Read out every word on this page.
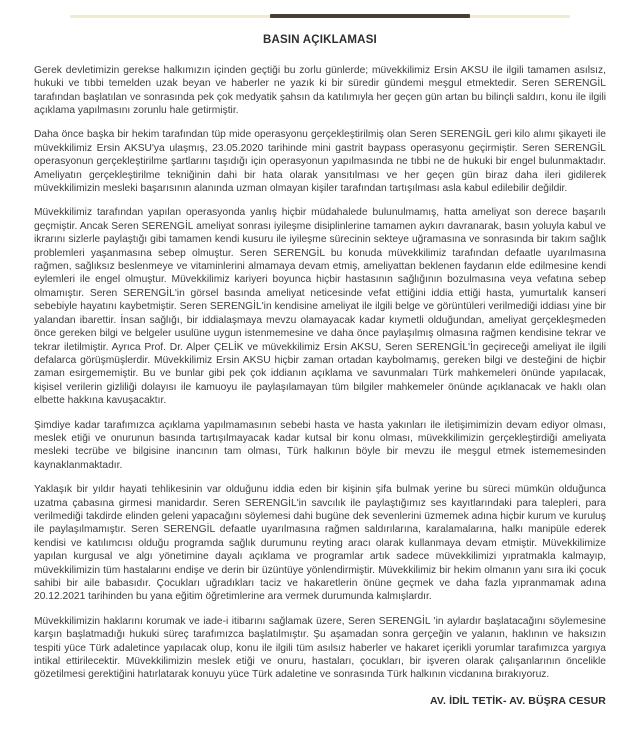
BASIN AÇIKLAMASI

Gerek devletimizin gerekse halkımızın içinden geçtiği bu zorlu günlerde; müvekkilimiz Ersin AKSU ile ilgili tamamen asılsız, hukuki ve tıbbi temelden uzak beyan ve haberler ne yazık ki bir süredir gündemi meşgul etmektedir. Seren SERENGİL tarafından başlatılan ve sonrasında pek çok medyatik şahsın da katılımıyla her geçen gün artan bu bilinçli saldırı, konu ile ilgili açıklama yapılmasını zorunlu hale getirmiştir.

Daha önce başka bir hekim tarafından tüp mide operasyonu gerçekleştirilmiş olan Seren SERENGİL geri kilo alımı şikayeti ile müvekkilimiz Ersin AKSU'ya ulaşmış, 23.05.2020 tarihinde mini gastrit baypass operasyonu geçirmiştir. Seren SERENGİL operasyonun gerçekleştirilme şartlarını taşıdığı için operasyonun yapılmasında ne tıbbi ne de hukuki bir engel bulunmaktadır. Ameliyatın gerçekleştirilme tekniğinin dahi bir hata olarak yansıtılması ve her geçen gün biraz daha ileri gidilerek müvekkilimizin mesleki başarısının alanında uzman olmayan kişiler tarafından tartışılması asla kabul edilebilir değildir.

Müvekkilimiz tarafından yapılan operasyonda yanlış hiçbir müdahalede bulunulmamış, hatta ameliyat son derece başarılı geçmiştir. Ancak Seren SERENGİL ameliyat sonrası iyileşme disiplinlerine tamamen aykırı davranarak, basın yoluyla kabul ve ikrarını sizlerle paylaştığı gibi tamamen kendi kusuru ile iyileşme sürecinin sekteye uğramasına ve sonrasında bir takım sağlık problemleri yaşanmasına sebep olmuştur. Seren SERENGİL bu konuda müvekkilimiz tarafından defaatle uyarılmasına rağmen, sağlıksız beslenmeye ve vitaminlerini almamaya devam etmiş, ameliyattan beklenen faydanın elde edilmesine kendi eylemleri ile engel olmuştur. Müvekkilimiz kariyeri boyunca hiçbir hastasının sağlığının bozulmasına veya vefatına sebep olmamıştır. Seren SERENGİL'in görsel basında ameliyat neticesinde vefat ettiğini iddia ettiği hasta, yumurtalık kanseri sebebiyle hayatını kaybetmiştir. Seren SERENGİL'in kendisine ameliyat ile ilgili belge ve görüntüleri verilmediği iddiası yine bir yalandan ibarettir. İnsan sağlığı, bir iddialaşmaya mevzu olamayacak kadar kıymetli olduğundan, ameliyat gerçekleşmeden önce gereken bilgi ve belgeler usulüne uygun istenmemesine ve daha önce paylaşılmış olmasına rağmen kendisine tekrar ve tekrar iletilmiştir. Ayrıca Prof. Dr. Alper ÇELİK ve müvekkilimiz Ersin AKSU, Seren SERENGİL'İn geçireceği ameliyat ile ilgili defalarca görüşmüşlerdir. Müvekkilimiz Ersin AKSU hiçbir zaman ortadan kaybolmamış, gereken bilgi ve desteğini de hiçbir zaman esirgememiştir. Bu ve bunlar gibi pek çok iddianın açıklama ve savunmaları Türk mahkemeleri önünde yapılacak, kişisel verilerin gizliliği dolayısı ile kamuoyu ile paylaşılamayan tüm bilgiler mahkemeler önünde açıklanacak ve haklı olan elbette hakkına kavuşacaktır.

Şimdiye kadar tarafımızca açıklama yapılmamasının sebebi hasta ve hasta yakınları ile iletişimimizin devam ediyor olması, meslek etiği ve onurunun basında tartışılmayacak kadar kutsal bir konu olması, müvekkilimizin gerçekleştirdiği ameliyata mesleki tecrübe ve bilgisine inancının tam olması, Türk halkının böyle bir mevzu ile meşgul etmek istememesinden kaynaklanmaktadır.

Yaklaşık bir yıldır hayati tehlikesinin var olduğunu iddia eden bir kişinin şifa bulmak yerine bu süreci mümkün olduğunca uzatma çabasına girmesi manidardır. Seren SERENGİL'in savcılık ile paylaştığımız ses kayıtlarındaki para talepleri, para verilmediği takdirde elinden geleni yapacağını söylemesi dahi bugüne dek sevenlerini üzmemek adına hiçbir kurum ve kuruluş ile paylaşılmamıştır. Seren SERENGİL defaatle uyarılmasına rağmen saldırılarına, karalamalarına, halkı manipüle ederek kendisi ve katılımcısı olduğu programda sağlık durumunu reyting aracı olarak kullanmaya devam etmiştir. Müvekkilimize yapılan kurgusal ve algı yönetimine dayalı açıklama ve programlar artık sadece müvekkilimizi yıpratmakla kalmayıp, müvekkilimizin tüm hastalarını endişe ve derin bir üzüntüye yönlendirmiştir. Müvekkilimiz bir hekim olmanın yanı sıra iki çocuk sahibi bir aile babasıdır. Çocukları uğradıkları taciz ve hakaretlerin önüne geçmek ve daha fazla yıpranmamak adına 20.12.2021 tarihinden bu yana eğitim öğretimlerine ara vermek durumunda kalmışlardır.

Müvekkilimizin haklarını korumak ve iade-i itibarını sağlamak üzere, Seren SERENGİL 'in aylardır başlatacağını söylemesine karşın başlatmadığı hukuki süreç tarafımızca başlatılmıştır. Şu aşamadan sonra gerçeğin ve yalanın, haklının ve haksızın tespiti yüce Türk adaletince yapılacak olup, konu ile ilgili tüm asılsız haberler ve hakaret içerikli yorumlar tarafımızca yargıya intikal ettirilecektir. Müvekkilimizin meslek etiği ve onuru, hastaları, çocukları, bir işveren olarak çalışanlarının öncelikle gözetilmesi gerektiğini hatırlatarak konuyu yüce Türk adaletine ve sonrasında Türk halkının vicdanına bırakıyoruz.

AV. İDİL TETİK- AV. BÜŞRA CESUR
